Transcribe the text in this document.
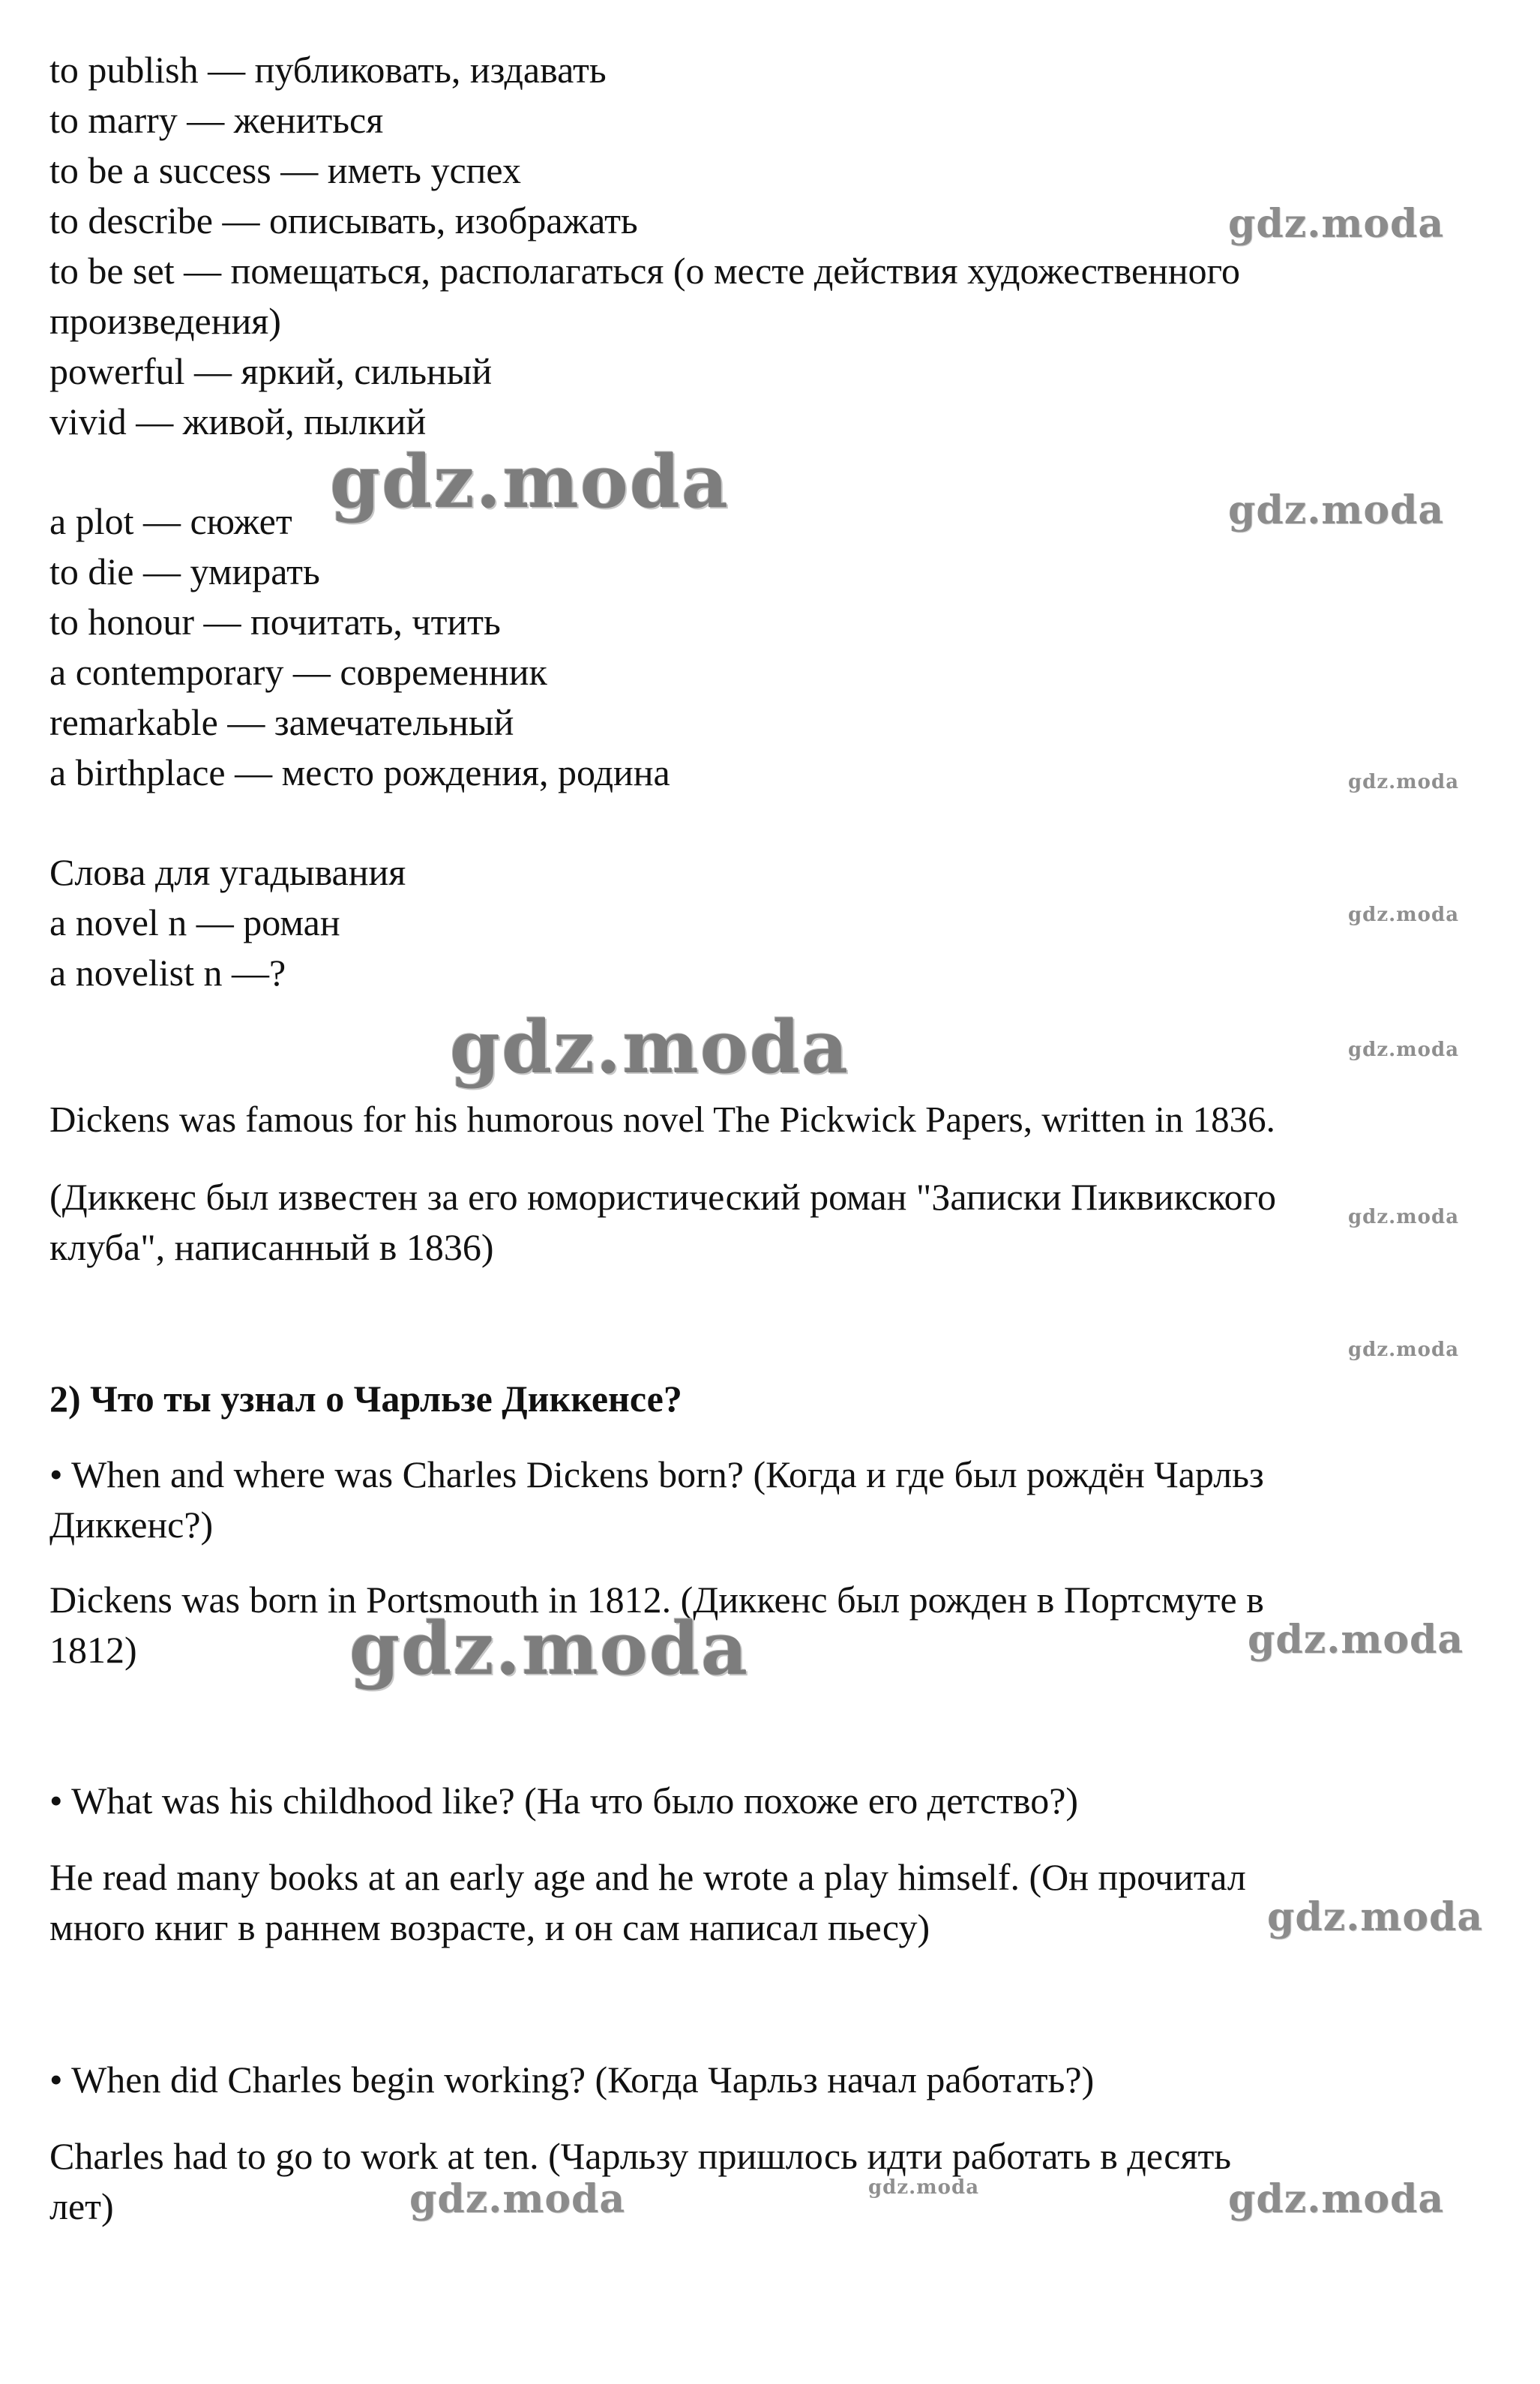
to publish — публиковать, издавать
to marry — жениться
to be a success — иметь успех
to describe — описывать, изображать
to be set — помещаться, располагаться (о месте действия художественного
произведения)
powerful — яркий, сильный
vivid — живой, пылкий
a plot — сюжет
to die — умирать
to honour — почитать, чтить
a contemporary — современник
remarkable — замечательный
a birthplace — место рождения, родина
Слова для угадывания
a novel n — роман
a novelist n —?
Dickens was famous for his humorous novel The Pickwick Papers, written in 1836.
(Диккенс был известен за его юмористический роман "Записки Пиквикского
клуба", написанный в 1836)
2) Что ты узнал о Чарльзе Диккенсе?
• When and where was Charles Dickens born? (Когда и где был рождён Чарльз
Диккенс?)
Dickens was born in Portsmouth in 1812. (Диккенс был рожден в Портсмуте в
1812)
• What was his childhood like? (На что было похоже его детство?)
He read many books at an early age and he wrote a play himself. (Он прочитал
много книг в раннем возрасте, и он сам написал пьесу)
• When did Charles begin working? (Когда Чарльз начал работать?)
Charles had to go to work at ten. (Чарльзу пришлось идти работать в десять
лет)
gdz.moda
gdz.moda	gdz.moda
gdz.moda
gdz.moda
gdz.moda	gdz.moda
gdz.moda
gdz.moda
gdz.moda	gdz.moda
gdz.moda
gdz.moda	gdz.moda	gdz.moda
